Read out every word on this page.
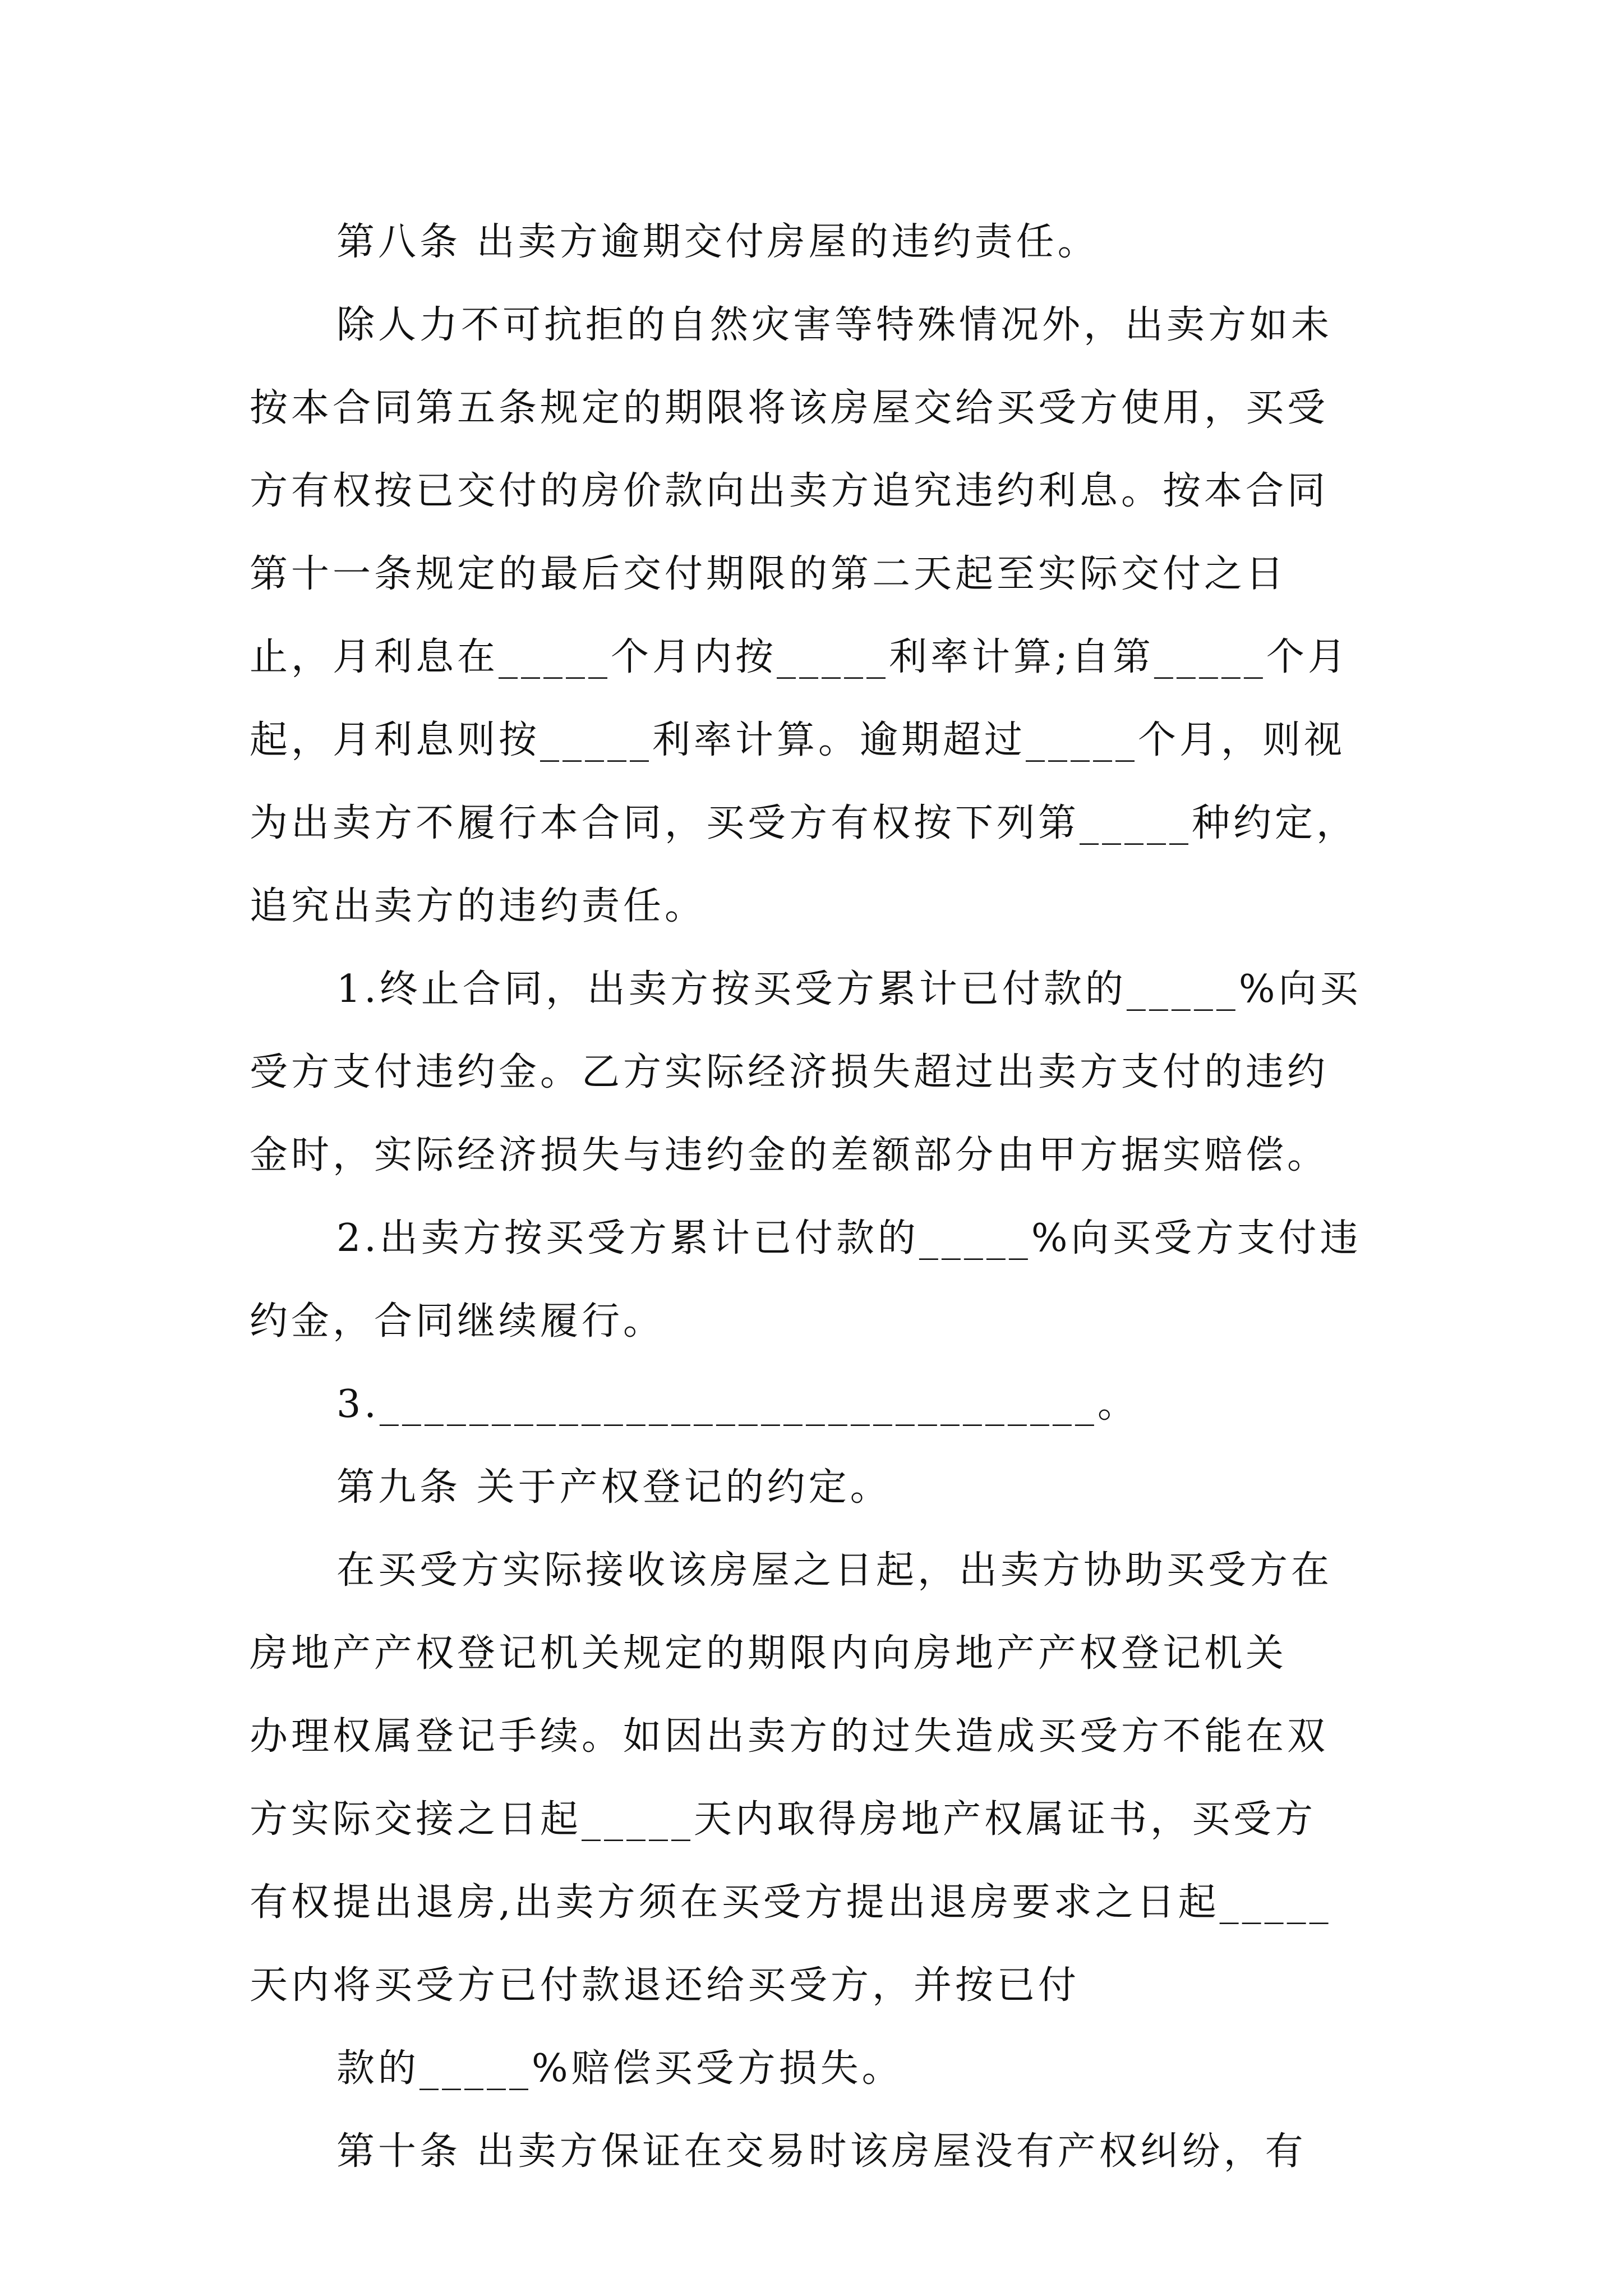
第八条 出卖方逾期交付房屋的违约责任。
除人力不可抗拒的自然灾害等特殊情况外，出卖方如未
按本合同第五条规定的期限将该房屋交给买受方使用，买受
方有权按已交付的房价款向出卖方追究违约利息。按本合同
第十一条规定的最后交付期限的第二天起至实际交付之日
止，月利息在_____个月内按_____利率计算;自第_____个月
起，月利息则按_____利率计算。逾期超过_____个月，则视
为出卖方不履行本合同，买受方有权按下列第_____种约定，
追究出卖方的违约责任。
1.终止合同，出卖方按买受方累计已付款的_____%向买
受方支付违约金。乙方实际经济损失超过出卖方支付的违约
金时，实际经济损失与违约金的差额部分由甲方据实赔偿。
2.出卖方按买受方累计已付款的_____%向买受方支付违
约金，合同继续履行。
3.________________________________。
第九条 关于产权登记的约定。
在买受方实际接收该房屋之日起，出卖方协助买受方在
房地产产权登记机关规定的期限内向房地产产权登记机关
办理权属登记手续。如因出卖方的过失造成买受方不能在双
方实际交接之日起_____天内取得房地产权属证书，买受方
有权提出退房,出卖方须在买受方提出退房要求之日起_____
天内将买受方已付款退还给买受方，并按已付
款的_____%赔偿买受方损失。
第十条 出卖方保证在交易时该房屋没有产权纠纷，有
